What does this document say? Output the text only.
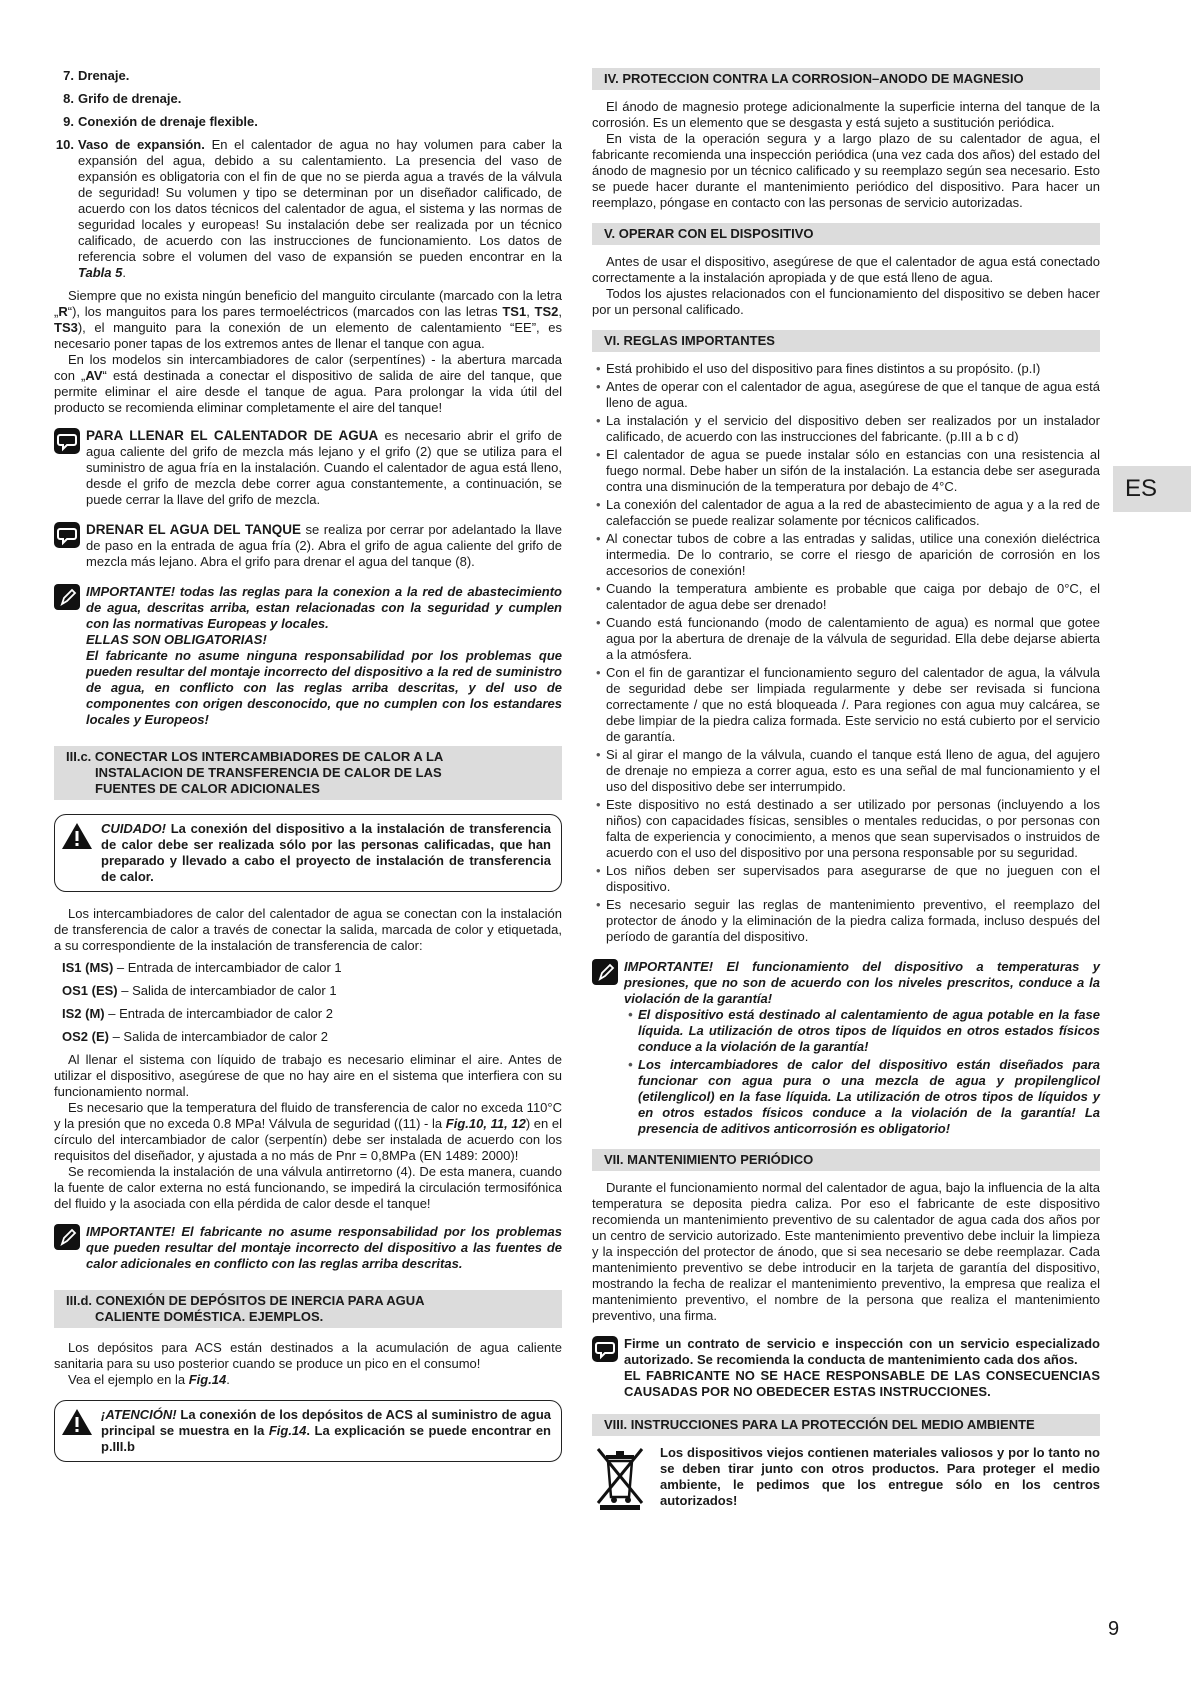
7. Drenaje.
8. Grifo de drenaje.
9. Conexión de drenaje flexible.
10. Vaso de expansión. En el calentador de agua no hay volumen para caber la expansión del agua, debido a su calentamiento. La presencia del vaso de expansión es obligatoria con el fin de que no se pierda agua a través de la válvula de seguridad! Su volumen y tipo se determinan por un diseñador calificado, de acuerdo con los datos técnicos del calentador de agua, el sistema y las normas de seguridad locales y europeas! Su instalación debe ser realizada por un técnico calificado, de acuerdo con las instrucciones de funcionamiento. Los datos de referencia sobre el volumen del vaso de expansión se pueden encontrar en la Tabla 5.

Siempre que no exista ningún beneficio del manguito circulante (marcado con la letra „R“), los manguitos para los pares termoeléctricos (marcados con las letras TS1, TS2, TS3), el manguito para la conexión de un elemento de calentamiento “EE”, es necesario poner tapas de los extremos antes de llenar el tanque con agua.

En los modelos sin intercambiadores de calor (serpentínes) - la abertura marcada con „AV“ está destinada a conectar el dispositivo de salida de aire del tanque, que permite eliminar el aire desde el tanque de agua. Para prolongar la vida útil del producto se recomienda eliminar completamente el aire del tanque!

PARA LLENAR EL CALENTADOR DE AGUA es necesario abrir el grifo de agua caliente del grifo de mezcla más lejano y el grifo (2) que se utiliza para el suministro de agua fría en la instalación. Cuando el calentador de agua está lleno, desde el grifo de mezcla debe correr agua constantemente, a continuación, se puede cerrar la llave del grifo de mezcla.
DRENAR EL AGUA DEL TANQUE se realiza por cerrar por adelantado la llave de paso en la entrada de agua fría (2). Abra el grifo de agua caliente del grifo de mezcla más lejano. Abra el grifo para drenar el agua del tanque (8).
IMPORTANTE! todas las reglas para la conexion a la red de abastecimiento de agua, descritas arriba, estan relacionadas con la seguridad y cumplen con las normativas Europeas y locales.
ELLAS SON OBLIGATORIAS!
El fabricante no asume ninguna responsabilidad por los problemas que pueden resultar del montaje incorrecto del dispositivo a la red de suministro de agua, en conflicto con las reglas arriba descritas, y del uso de componentes con origen desconocido, que no cumplen con los estandares locales y Europeos!
III.c. CONECTAR LOS INTERCAMBIADORES DE CALOR A LA
INSTALACION DE TRANSFERENCIA DE CALOR DE LAS
FUENTES DE CALOR ADICIONALES
CUIDADO! La conexión del dispositivo a la instalación de transferencia de calor debe ser realizada sólo por las personas calificadas, que han preparado y llevado a cabo el proyecto de instalación de transferencia de calor.

Los intercambiadores de calor del calentador de agua se conectan con la instalación de transferencia de calor a través de conectar la salida, marcada de color y etiquetada, a su correspondiente de la instalación de transferencia de calor:

IS1 (MS) – Entrada de intercambiador de calor 1
OS1 (ES) – Salida de intercambiador de calor 1
IS2 (M) – Entrada de intercambiador de calor 2
OS2 (E) – Salida de intercambiador de calor 2

Al llenar el sistema con líquido de trabajo es necesario eliminar el aire. Antes de utilizar el dispositivo, asegúrese de que no hay aire en el sistema que interfiera con su funcionamiento normal.

Es necesario que la temperatura del fluido de transferencia de calor no exceda 110°C y la presión que no exceda 0.8 MPa! Válvula de seguridad ((11) - la Fig.10, 11, 12) en el círculo del intercambiador de calor (serpentín) debe ser instalada de acuerdo con los requisitos del diseñador, y ajustada a no más de Pnr = 0,8MPa (EN 1489: 2000)!

Se recomienda la instalación de una válvula antirretorno (4). De esta manera, cuando la fuente de calor externa no está funcionando, se impedirá la circulación termosifónica del fluido y la asociada con ella pérdida de calor desde el tanque!

IMPORTANTE! El fabricante no asume responsabilidad por los problemas que pueden resultar del montaje incorrecto del dispositivo a las fuentes de calor adicionales en conflicto con las reglas arriba descritas.
III.d. CONEXIÓN DE DEPÓSITOS DE INERCIA PARA AGUA
CALIENTE DOMÉSTICA. EJEMPLOS.

Los depósitos para ACS están destinados a la acumulación de agua caliente sanitaria para su uso posterior cuando se produce un pico en el consumo!

Vea el ejemplo en la Fig.14.

¡ATENCIÓN! La conexión de los depósitos de ACS al suministro de agua principal se muestra en la Fig.14. La explicación se puede encontrar en p.III.b
IV. PROTECCION CONTRA LA CORROSION–ANODO DE MAGNESIO

El ánodo de magnesio protege adicionalmente la superficie interna del tanque de la corrosión. Es un elemento que se desgasta y está sujeto a sustitución periódica.

En vista de la operación segura y a largo plazo de su calentador de agua, el fabricante recomienda una inspección periódica (una vez cada dos años) del estado del ánodo de magnesio por un técnico calificado y su reemplazo según sea necesario. Esto se puede hacer durante el mantenimiento periódico del dispositivo. Para hacer un reemplazo, póngase en contacto con las personas de servicio autorizadas.

V. OPERAR CON EL DISPOSITIVO

Antes de usar el dispositivo, asegúrese de que el calentador de agua está conectado correctamente a la instalación apropiada y de que está lleno de agua.

Todos los ajustes relacionados con el funcionamiento del dispositivo se deben hacer por un personal calificado.

VI. REGLAS IMPORTANTES
• Está prohibido el uso del dispositivo para fines distintos a su propósito. (p.I)
• Antes de operar con el calentador de agua, asegúrese de que el tanque de agua está lleno de agua.
• La instalación y el servicio del dispositivo deben ser realizados por un instalador calificado, de acuerdo con las instrucciones del fabricante. (p.III a b c d)
• El calentador de agua se puede instalar sólo en estancias con una resistencia al fuego normal. Debe haber un sifón de la instalación. La estancia debe ser asegurada contra una disminución de la temperatura por debajo de 4°C.
• La conexión del calentador de agua a la red de abastecimiento de agua y a la red de calefacción se puede realizar solamente por técnicos calificados.
• Al conectar tubos de cobre a las entradas y salidas, utilice una conexión dieléctrica intermedia. De lo contrario, se corre el riesgo de aparición de corrosión en los accesorios de conexión!
• Cuando la temperatura ambiente es probable que caiga por debajo de 0°C, el calentador de agua debe ser drenado!
• Cuando está funcionando (modo de calentamiento de agua) es normal que gotee agua por la abertura de drenaje de la válvula de seguridad. Ella debe dejarse abierta a la atmósfera.
• Con el fin de garantizar el funcionamiento seguro del calentador de agua, la válvula de seguridad debe ser limpiada regularmente y debe ser revisada si funciona correctamente / que no está bloqueada /. Para regiones con agua muy calcárea, se debe limpiar de la piedra caliza formada. Este servicio no está cubierto por el servicio de garantía.
• Si al girar el mango de la válvula, cuando el tanque está lleno de agua, del agujero de drenaje no empieza a correr agua, esto es una señal de mal funcionamiento y el uso del dispositivo debe ser interrumpido.
• Este dispositivo no está destinado a ser utilizado por personas (incluyendo a los niños) con capacidades físicas, sensibles o mentales reducidas, o por personas con falta de experiencia y conocimiento, a menos que sean supervisados o instruidos de acuerdo con el uso del dispositivo por una persona responsable por su seguridad.
• Los niños deben ser supervisados para asegurarse de que no jueguen con el dispositivo.
• Es necesario seguir las reglas de mantenimiento preventivo, el reemplazo del protector de ánodo y la eliminación de la piedra caliza formada, incluso después del período de garantía del dispositivo.
IMPORTANTE! El funcionamiento del dispositivo a temperaturas y presiones, que no son de acuerdo con los niveles prescritos, conduce a la violación de la garantía!
• El dispositivo está destinado al calentamiento de agua potable en la fase líquida. La utilización de otros tipos de líquidos en otros estados físicos conduce a la violación de la garantía!
• Los intercambiadores de calor del dispositivo están diseñados para funcionar con agua pura o una mezcla de agua y propilenglicol (etilenglicol) en la fase líquida. La utilización de otros tipos de líquidos y en otros estados físicos conduce a la violación de la garantía! La presencia de aditivos anticorrosión es obligatorio!
VII. MANTENIMIENTO PERIÓDICO

Durante el funcionamiento normal del calentador de agua, bajo la influencia de la alta temperatura se deposita piedra caliza. Por eso el fabricante de este dispositivo recomienda un mantenimiento preventivo de su calentador de agua cada dos años por un centro de servicio autorizado. Este mantenimiento preventivo debe incluir la limpieza y la inspección del protector de ánodo, que si sea necesario se debe reemplazar. Cada mantenimiento preventivo se debe introducir en la tarjeta de garantía del dispositivo, mostrando la fecha de realizar el mantenimiento preventivo, la empresa que realiza el mantenimiento preventivo, el nombre de la persona que realiza el mantenimiento preventivo, una firma.

Firme un contrato de servicio e inspección con un servicio especializado autorizado. Se recomienda la conducta de mantenimiento cada dos años.
EL FABRICANTE NO SE HACE RESPONSABLE DE LAS CONSECUENCIAS CAUSADAS POR NO OBEDECER ESTAS INSTRUCCIONES.
VIII. INSTRUCCIONES PARA LA PROTECCIÓN DEL MEDIO AMBIENTE
Los dispositivos viejos contienen materiales valiosos y por lo tanto no se deben tirar junto con otros productos. Para proteger el medio ambiente, le pedimos que los entregue sólo en los centros autorizados!
ES
9
